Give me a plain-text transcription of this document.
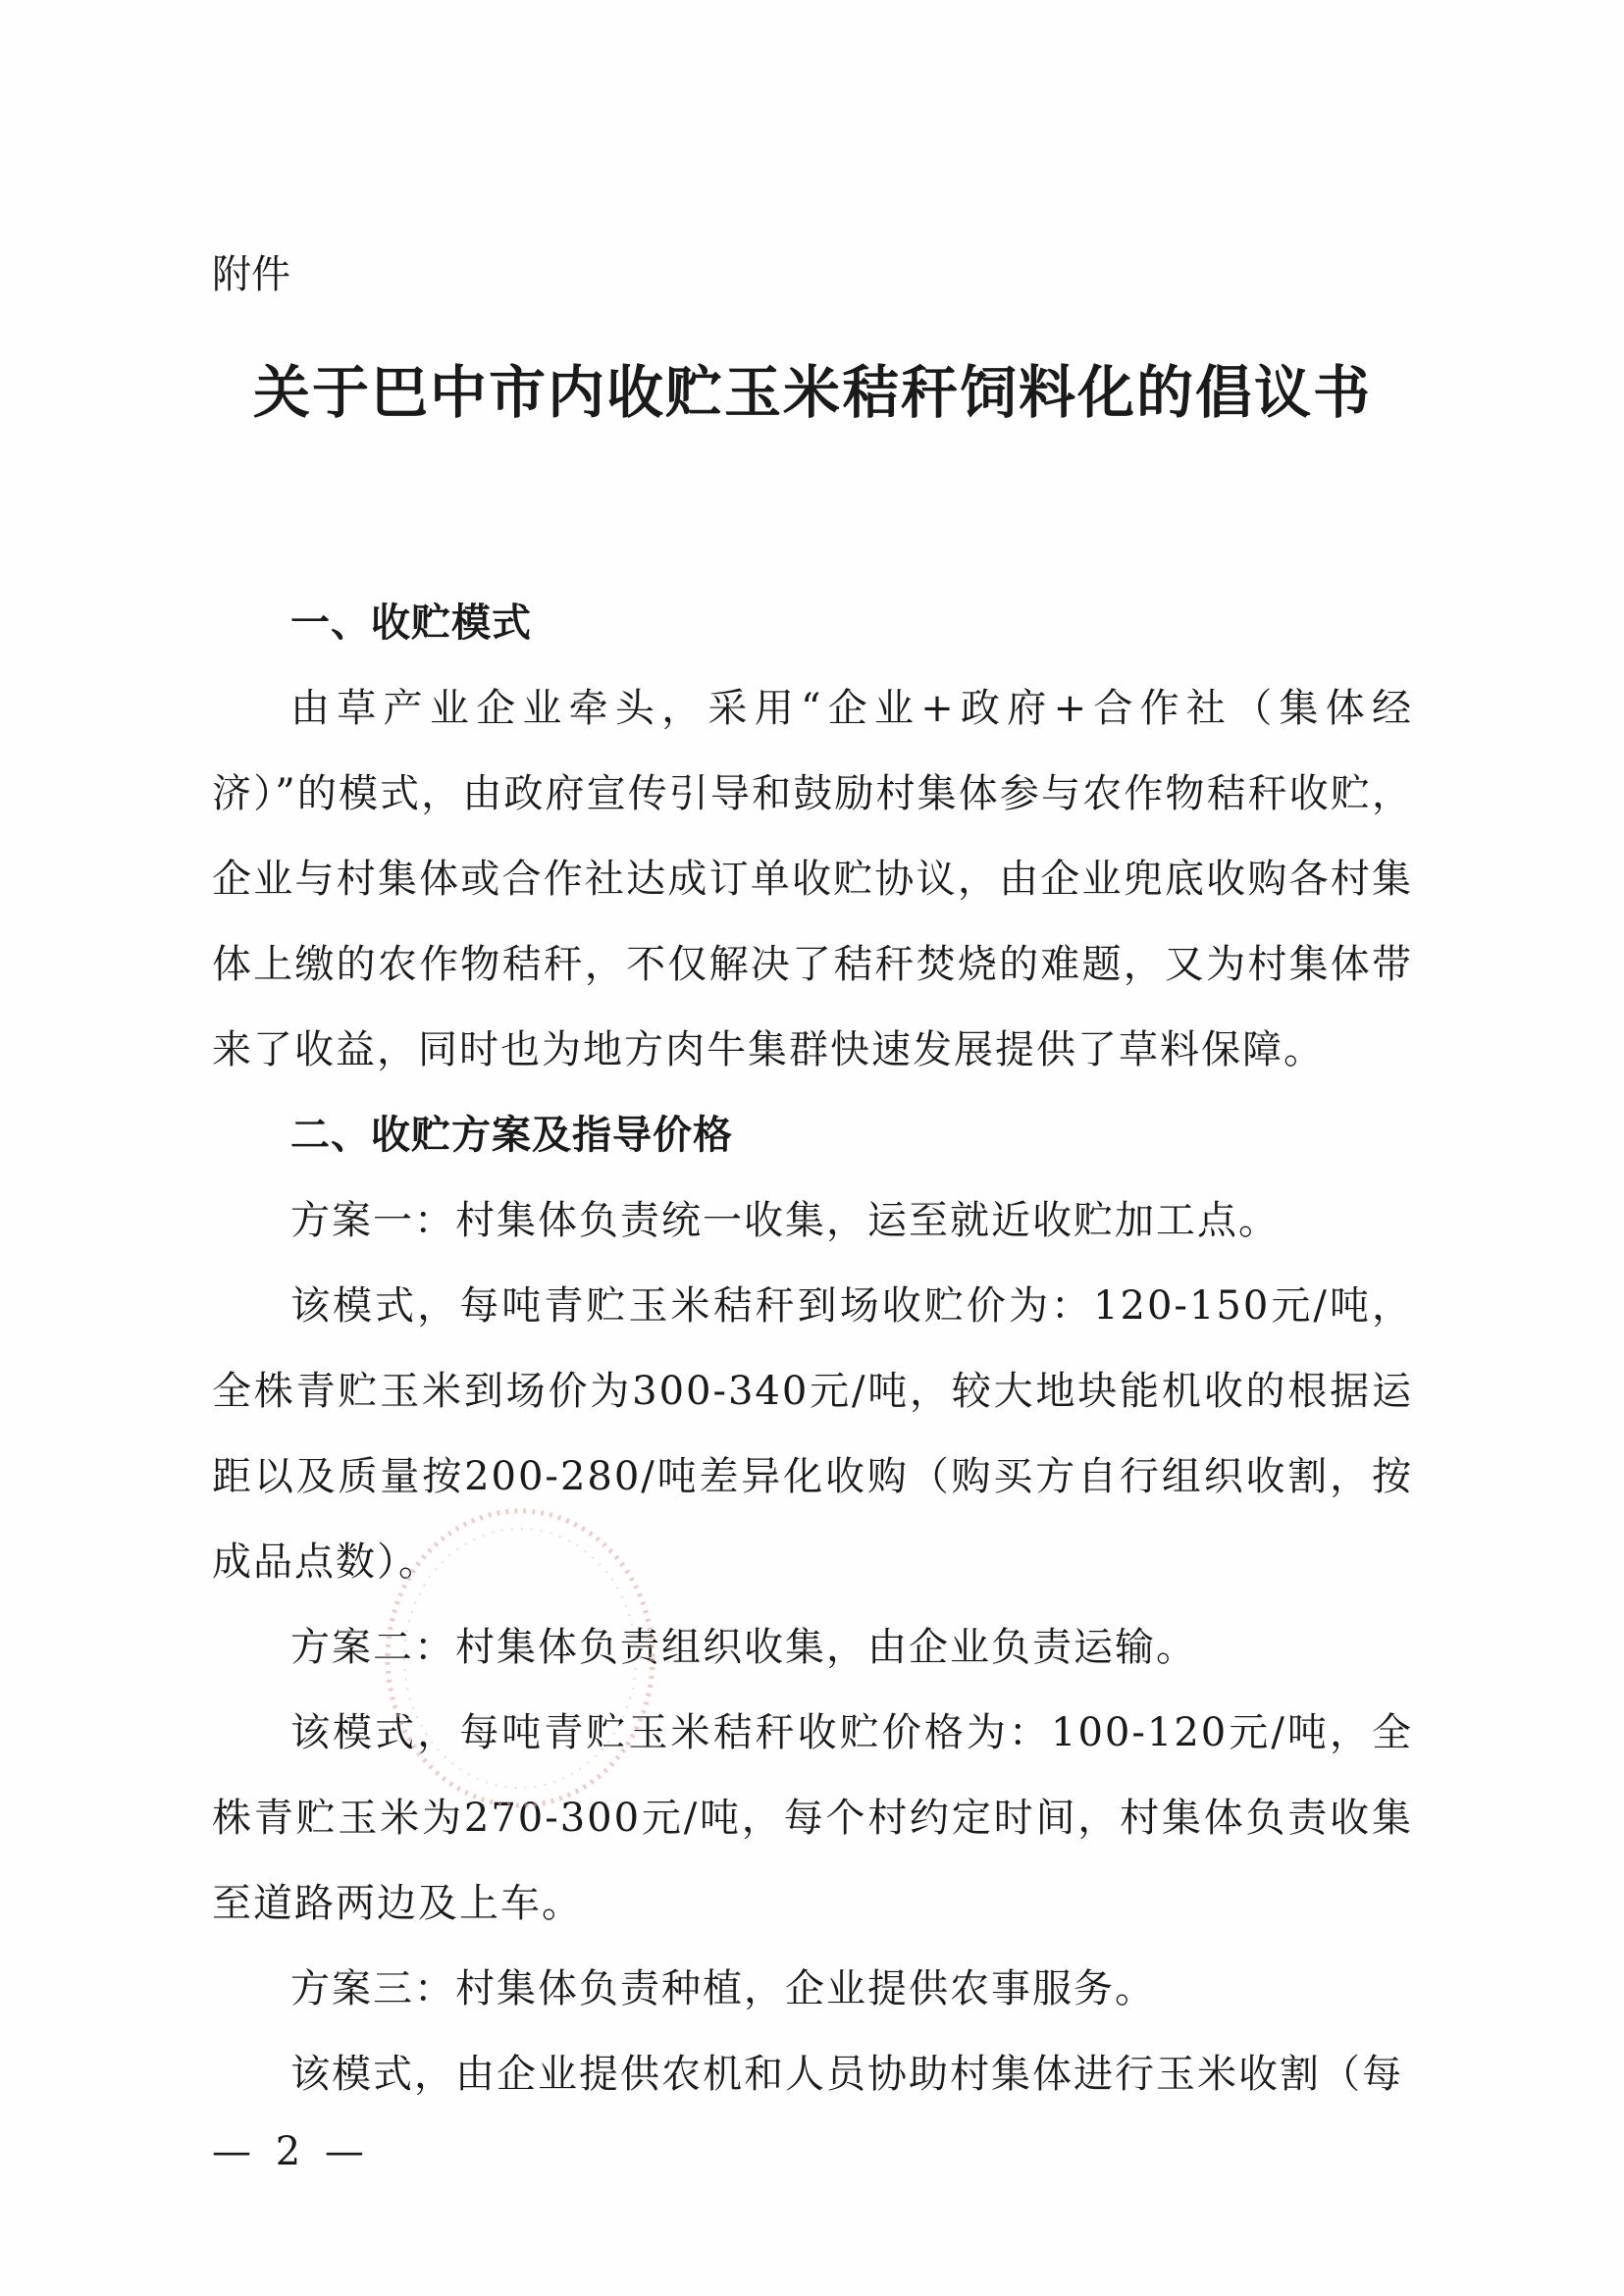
附件
关于巴中市内收贮玉米秸秆饲料化的倡议书

一、收贮模式

由草产业企业牵头，采用“企业+政府+合作社（集体经济）”的模式，由政府宣传引导和鼓励村集体参与农作物秸秆收贮，企业与村集体或合作社达成订单收贮协议，由企业兜底收购各村集体上缴的农作物秸秆，不仅解决了秸秆焚烧的难题，又为村集体带来了收益，同时也为地方肉牛集群快速发展提供了草料保障。

二、收贮方案及指导价格

方案一：村集体负责统一收集，运至就近收贮加工点。

该模式，每吨青贮玉米秸秆到场收贮价为：120-150元/吨，全株青贮玉米到场价为300-340元/吨，较大地块能机收的根据运距以及质量按200-280/吨差异化收购（购买方自行组织收割，按成品点数）。

方案二：村集体负责组织收集，由企业负责运输。

该模式，每吨青贮玉米秸秆收贮价格为：100-120元/吨，全株青贮玉米为270-300元/吨，每个村约定时间，村集体负责收集至道路两边及上车。

方案三：村集体负责种植，企业提供农事服务。

该模式，由企业提供农机和人员协助村集体进行玉米收割（每

— 2 —
